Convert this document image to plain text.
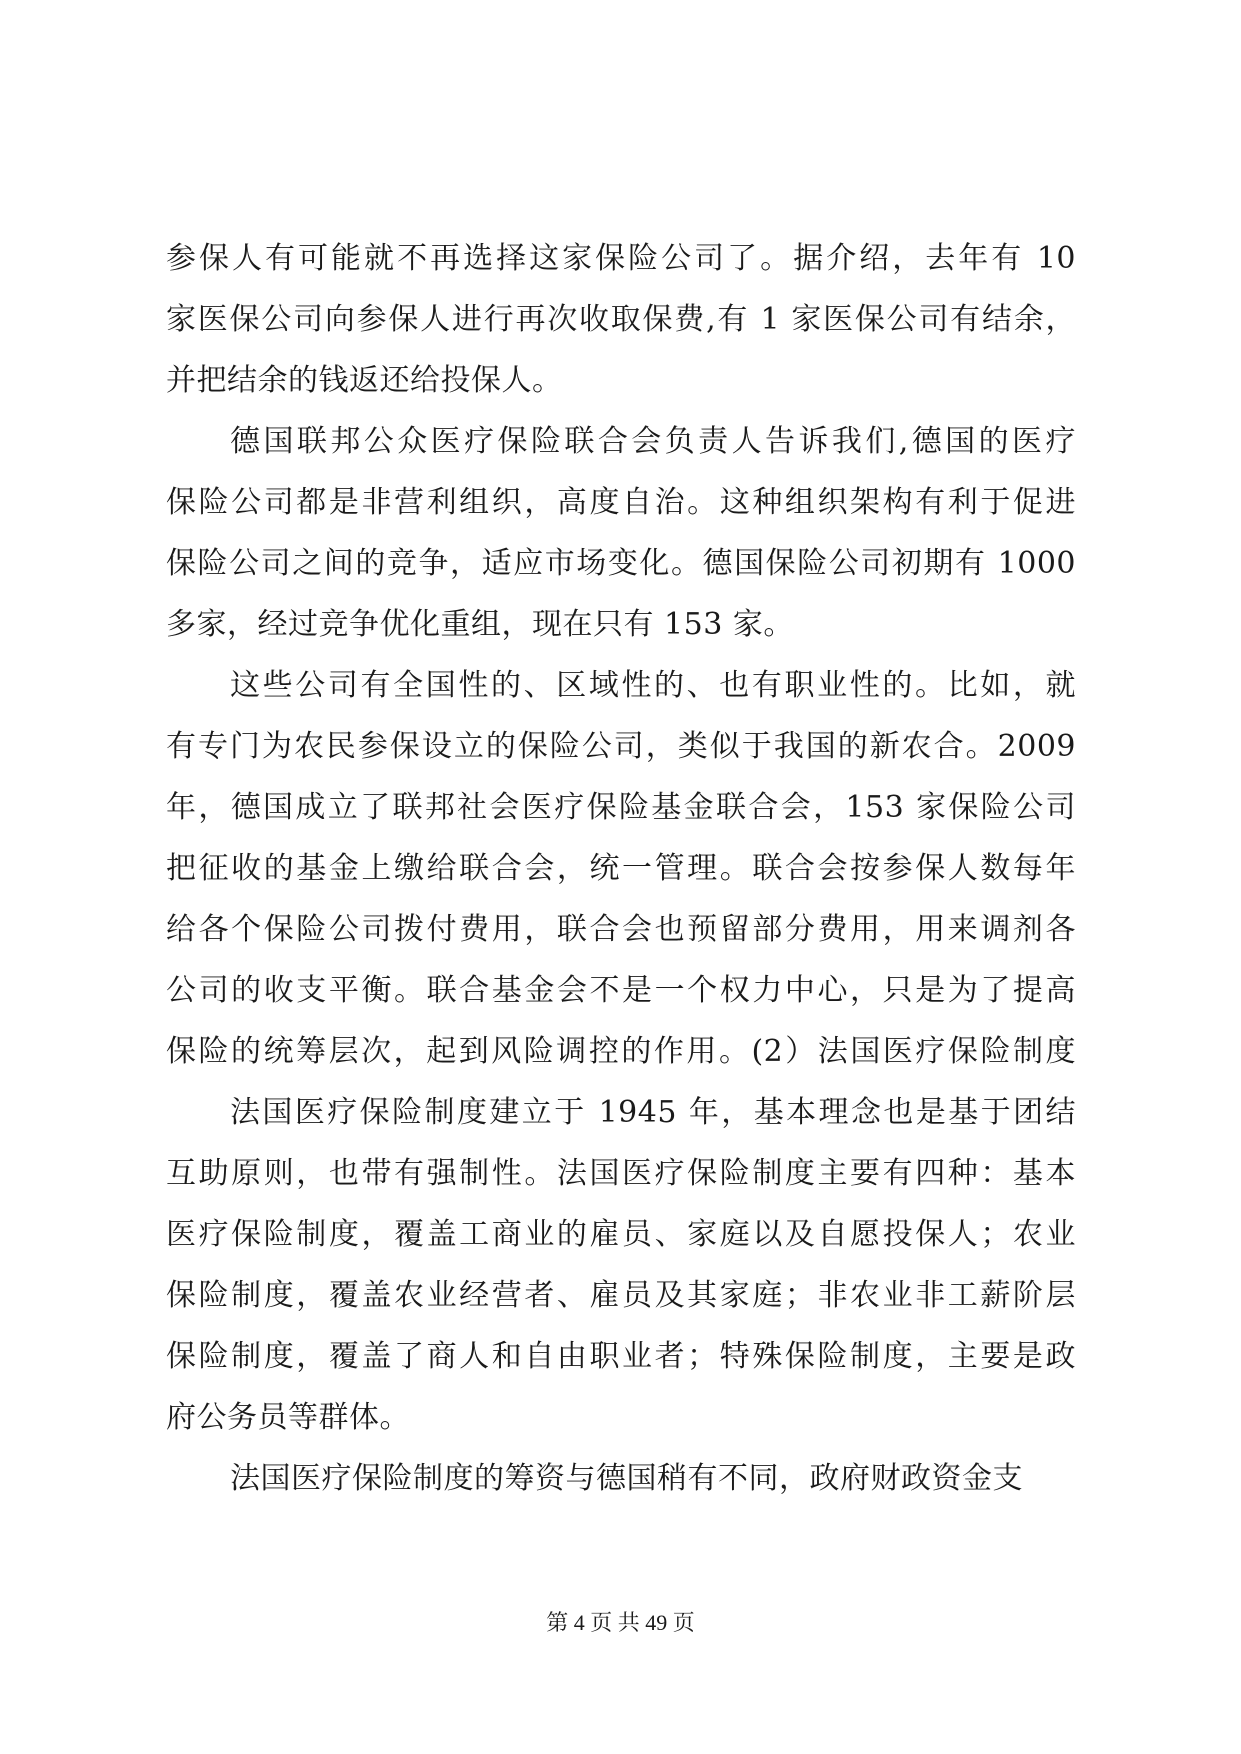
参保人有可能就不再选择这家保险公司了。据介绍，去年有 10
家医保公司向参保人进行再次收取保费,有 1 家医保公司有结余，
并把结余的钱返还给投保人。
德国联邦公众医疗保险联合会负责人告诉我们,德国的医疗
保险公司都是非营利组织，高度自治。这种组织架构有利于促进
保险公司之间的竞争，适应市场变化。德国保险公司初期有 1000
多家，经过竞争优化重组，现在只有 153 家。
这些公司有全国性的、区域性的、也有职业性的。比如，就
有专门为农民参保设立的保险公司，类似于我国的新农合。2009
年，德国成立了联邦社会医疗保险基金联合会，153 家保险公司
把征收的基金上缴给联合会，统一管理。联合会按参保人数每年
给各个保险公司拨付费用，联合会也预留部分费用，用来调剂各
公司的收支平衡。联合基金会不是一个权力中心，只是为了提高
保险的统筹层次，起到风险调控的作用。(2）法国医疗保险制度
法国医疗保险制度建立于 1945 年，基本理念也是基于团结
互助原则，也带有强制性。法国医疗保险制度主要有四种：基本
医疗保险制度，覆盖工商业的雇员、家庭以及自愿投保人；农业
保险制度，覆盖农业经营者、雇员及其家庭；非农业非工薪阶层
保险制度，覆盖了商人和自由职业者；特殊保险制度，主要是政
府公务员等群体。
法国医疗保险制度的筹资与德国稍有不同，政府财政资金支
第 4 页 共 49 页
